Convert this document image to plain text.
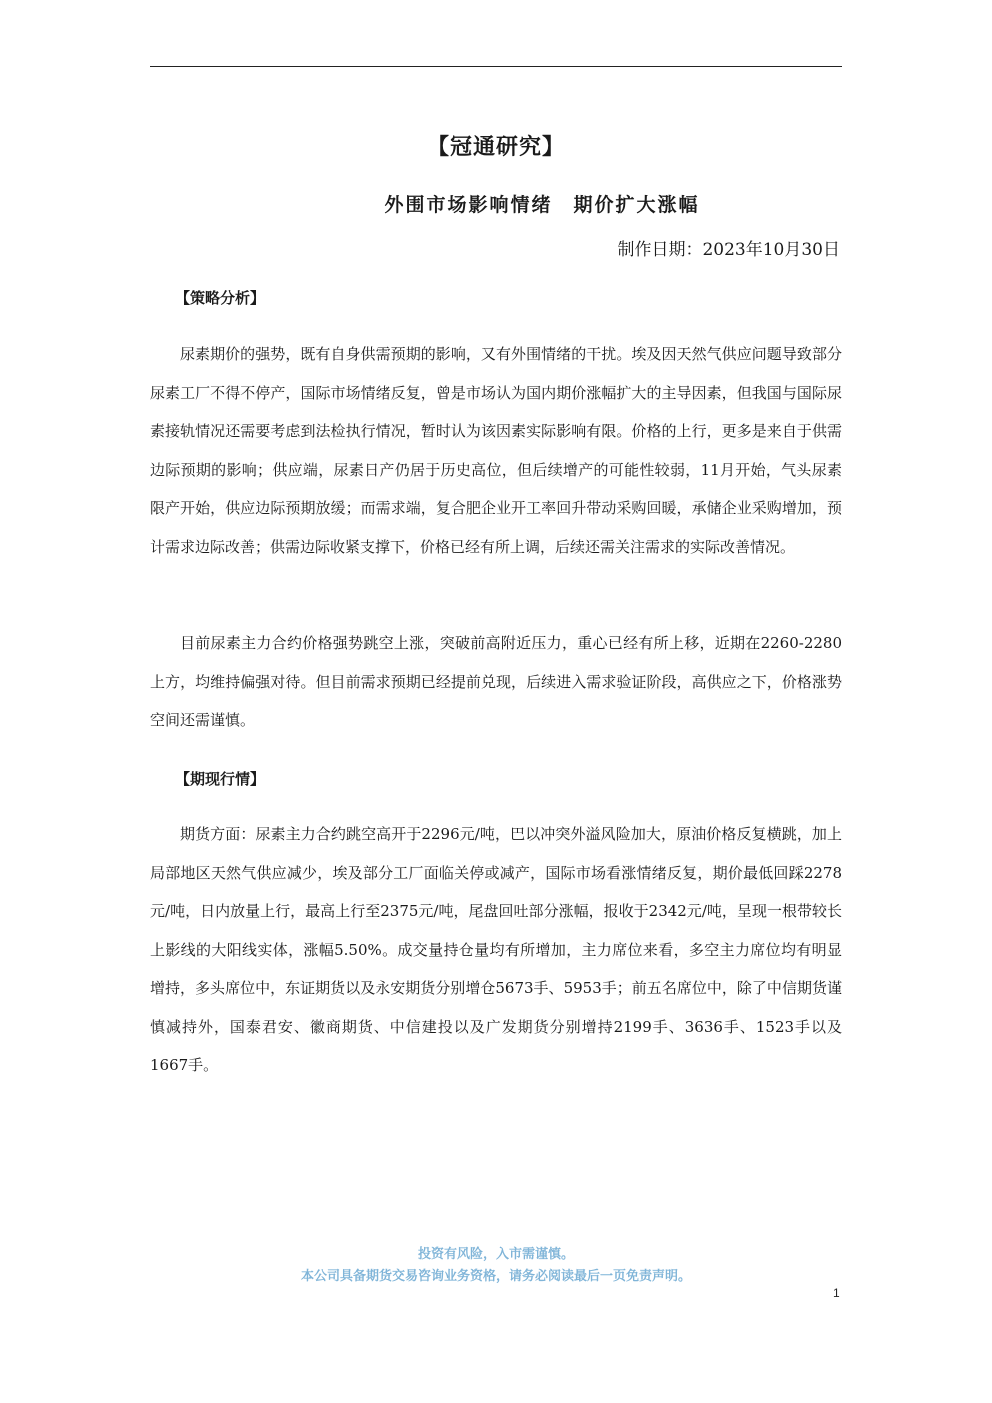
【冠通研究】
外围市场影响情绪　期价扩大涨幅
制作日期：2023年10月30日
【策略分析】

尿素期价的强势，既有自身供需预期的影响，又有外围情绪的干扰。埃及因天然气供应问题导致部分尿素工厂不得不停产，国际市场情绪反复，曾是市场认为国内期价涨幅扩大的主导因素，但我国与国际尿素接轨情况还需要考虑到法检执行情况，暂时认为该因素实际影响有限。价格的上行，更多是来自于供需边际预期的影响；供应端，尿素日产仍居于历史高位，但后续增产的可能性较弱，11月开始，气头尿素限产开始，供应边际预期放缓；而需求端，复合肥企业开工率回升带动采购回暖，承储企业采购增加，预计需求边际改善；供需边际收紧支撑下，价格已经有所上调，后续还需关注需求的实际改善情况。

目前尿素主力合约价格强势跳空上涨，突破前高附近压力，重心已经有所上移，近期在2260-2280上方，均维持偏强对待。但目前需求预期已经提前兑现，后续进入需求验证阶段，高供应之下，价格涨势空间还需谨慎。

【期现行情】

期货方面：尿素主力合约跳空高开于2296元/吨，巴以冲突外溢风险加大，原油价格反复横跳，加上局部地区天然气供应减少，埃及部分工厂面临关停或减产，国际市场看涨情绪反复，期价最低回踩2278元/吨，日内放量上行，最高上行至2375元/吨，尾盘回吐部分涨幅，报收于2342元/吨，呈现一根带较长上影线的大阳线实体，涨幅5.50%。成交量持仓量均有所增加，主力席位来看，多空主力席位均有明显增持，多头席位中，东证期货以及永安期货分别增仓5673手、5953手；前五名席位中，除了中信期货谨慎减持外，国泰君安、徽商期货、中信建投以及广发期货分别增持2199手、3636手、1523手以及1667手。

投资有风险，入市需谨慎。
本公司具备期货交易咨询业务资格，请务必阅读最后一页免责声明。
1
